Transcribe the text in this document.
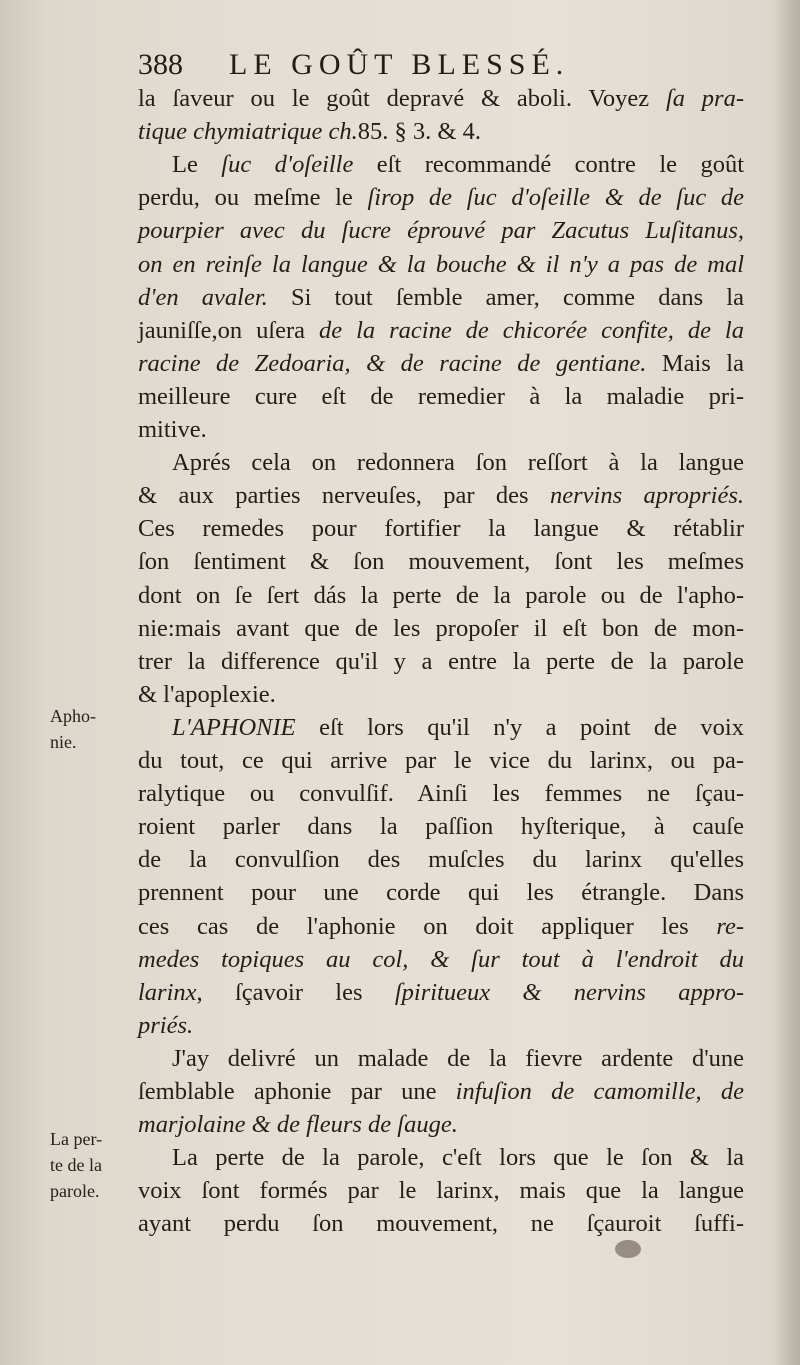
388 LE GOÛT BLESSÉ.
la ſaveur ou le goût depravé & aboli. Voyez ſa pra-
tique chymiatrique ch.85. § 3. & 4.
Le ſuc d'oſeille eſt recommandé contre le goût
perdu, ou meſme le ſirop de ſuc d'oſeille & de ſuc de
pourpier avec du ſucre éprouvé par Zacutus Luſitanus,
on en reinſe la langue & la bouche & il n'y a pas de mal
d'en avaler. Si tout ſemble amer, comme dans la
jauniſſe,on uſera de la racine de chicorée confite, de la
racine de Zedoaria, & de racine de gentiane. Mais la
meilleure cure eſt de remedier à la maladie pri-
mitive.
Aprés cela on redonnera ſon reſſort à la langue
& aux parties nerveuſes, par des nervins apropriés.
Ces remedes pour fortifier la langue & rétablir
ſon ſentiment & ſon mouvement, ſont les meſmes
dont on ſe ſert dás la perte de la parole ou de l'apho-
nie:mais avant que de les propoſer il eſt bon de mon-
trer la difference qu'il y a entre la perte de la parole
& l'apoplexie.
L'APHONIE eſt lors qu'il n'y a point de voix
du tout, ce qui arrive par le vice du larinx, ou pa-
ralytique ou convulſif. Ainſi les femmes ne ſçau-
roient parler dans la paſſion hyſterique, à cauſe
de la convulſion des muſcles du larinx qu'elles
prennent pour une corde qui les étrangle. Dans
ces cas de l'aphonie on doit appliquer les re-
medes topiques au col, & ſur tout à l'endroit du
larinx, ſçavoir les ſpiritueux & nervins appro-
priés.
J'ay delivré un malade de la fievre ardente d'une
ſemblable aphonie par une infuſion de camomille, de
marjolaine & de fleurs de ſauge.
La perte de la parole, c'eſt lors que le ſon & la
voix ſont formés par le larinx, mais que la langue
ayant perdu ſon mouvement, ne ſçauroit ſuffi-
Apho-
nie.
La per-
te de la
parole.
